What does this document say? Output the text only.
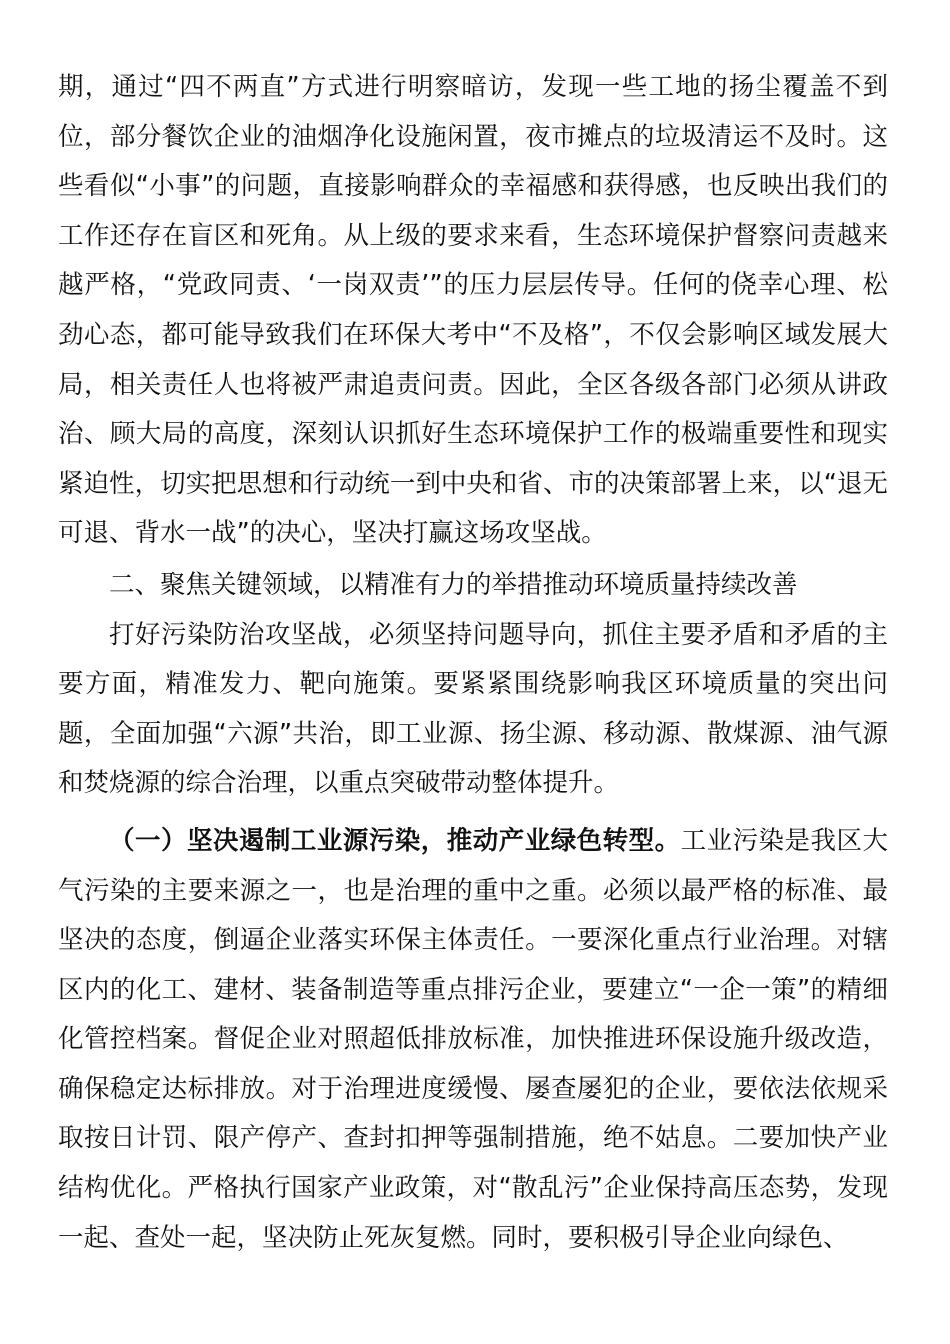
期，通过“四不两直”方式进行明察暗访，发现一些工地的扬尘覆盖不到位，部分餐饮企业的油烟净化设施闲置，夜市摊点的垃圾清运不及时。这些看似“小事”的问题，直接影响群众的幸福感和获得感，也反映出我们的工作还存在盲区和死角。从上级的要求来看，生态环境保护督察问责越来越严格，“党政同责、‘一岗双责’”的压力层层传导。任何的侥幸心理、松劲心态，都可能导致我们在环保大考中“不及格”，不仅会影响区域发展大局，相关责任人也将被严肃追责问责。因此，全区各级各部门必须从讲政治、顾大局的高度，深刻认识抓好生态环境保护工作的极端重要性和现实紧迫性，切实把思想和行动统一到中央和省、市的决策部署上来，以“退无可退、背水一战”的决心，坚决打赢这场攻坚战。

二、聚焦关键领域，以精准有力的举措推动环境质量持续改善

打好污染防治攻坚战，必须坚持问题导向，抓住主要矛盾和矛盾的主要方面，精准发力、靶向施策。要紧紧围绕影响我区环境质量的突出问题，全面加强“六源”共治，即工业源、扬尘源、移动源、散煤源、油气源和焚烧源的综合治理，以重点突破带动整体提升。

（一）坚决遏制工业源污染，推动产业绿色转型。工业污染是我区大气污染的主要来源之一，也是治理的重中之重。必须以最严格的标准、最坚决的态度，倒逼企业落实环保主体责任。一要深化重点行业治理。对辖区内的化工、建材、装备制造等重点排污企业，要建立“一企一策”的精细化管控档案。督促企业对照超低排放标准，加快推进环保设施升级改造，确保稳定达标排放。对于治理进度缓慢、屡查屡犯的企业，要依法依规采取按日计罚、限产停产、查封扣押等强制措施，绝不姑息。二要加快产业结构优化。严格执行国家产业政策，对“散乱污”企业保持高压态势，发现一起、查处一起，坚决防止死灰复燃。同时，要积极引导企业向绿色、
